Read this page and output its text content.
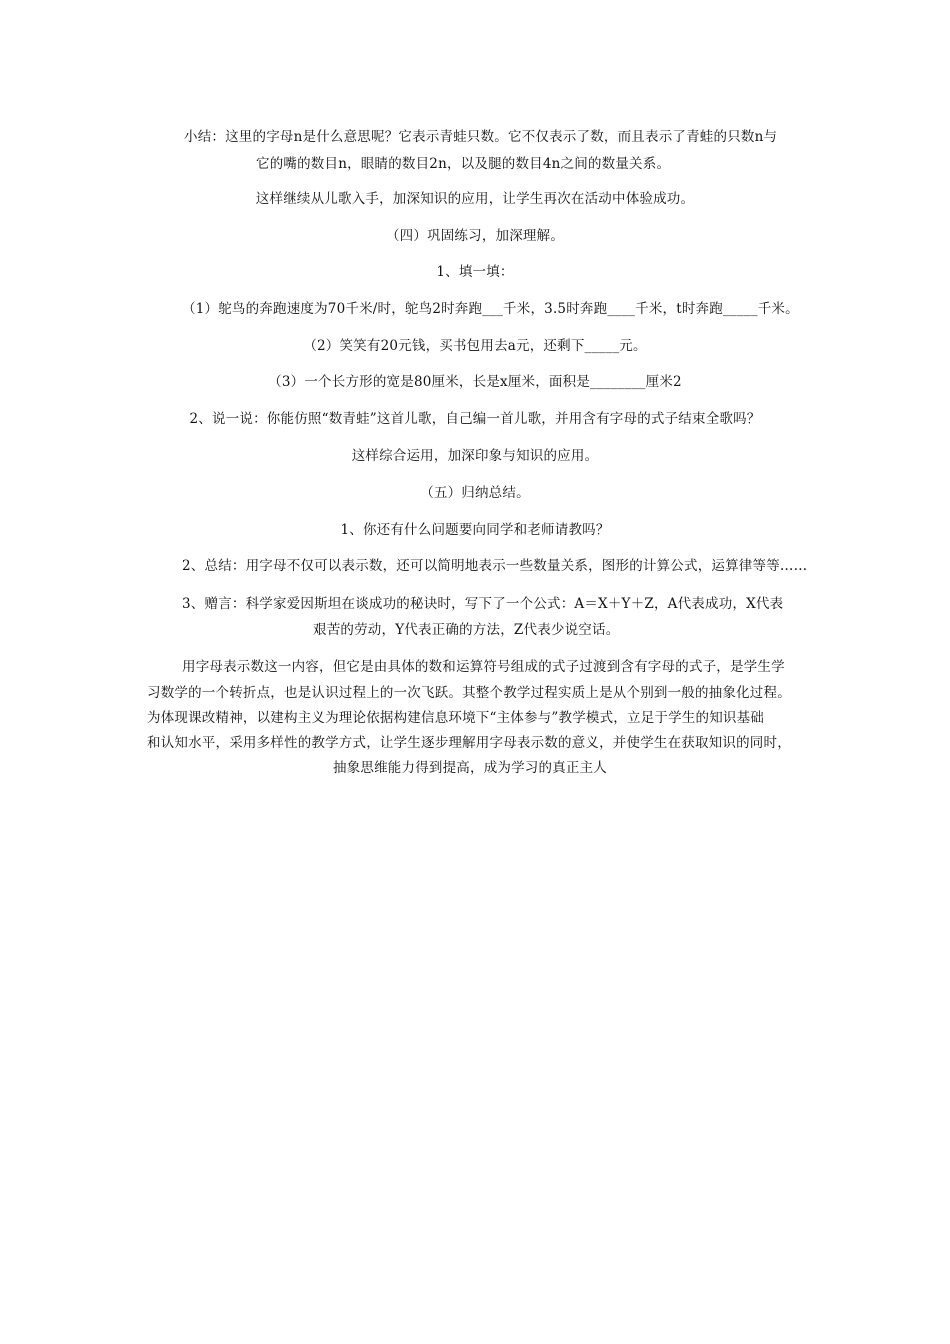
小结：这里的字母n是什么意思呢？它表示青蛙只数。它不仅表示了数，而且表示了青蛙的只数n与
它的嘴的数目n，眼睛的数目2n，以及腿的数目4n之间的数量关系。
这样继续从儿歌入手，加深知识的应用，让学生再次在活动中体验成功。
（四）巩固练习，加深理解。
1、填一填：
（1）鸵鸟的奔跑速度为70千米/时，鸵鸟2时奔跑___千米，3.5时奔跑____千米，t时奔跑_____千米。
（2）笑笑有20元钱，买书包用去a元，还剩下_____元。
（3）一个长方形的宽是80厘米，长是x厘米，面积是________厘米2
2、说一说：你能仿照“数青蛙”这首儿歌，自己编一首儿歌，并用含有字母的式子结束全歌吗？
这样综合运用，加深印象与知识的应用。
（五）归纳总结。
1、你还有什么问题要向同学和老师请教吗？
2、总结：用字母不仅可以表示数，还可以简明地表示一些数量关系，图形的计算公式，运算律等等……
3、赠言：科学家爱因斯坦在谈成功的秘诀时，写下了一个公式：A＝X＋Y＋Z，A代表成功，X代表
艰苦的劳动，Y代表正确的方法，Z代表少说空话。
用字母表示数这一内容，但它是由具体的数和运算符号组成的式子过渡到含有字母的式子，是学生学
习数学的一个转折点，也是认识过程上的一次飞跃。其整个教学过程实质上是从个别到一般的抽象化过程。
为体现课改精神，以建构主义为理论依据构建信息环境下“主体参与”教学模式，立足于学生的知识基础
和认知水平，采用多样性的教学方式，让学生逐步理解用字母表示数的意义，并使学生在获取知识的同时，
抽象思维能力得到提高，成为学习的真正主人
